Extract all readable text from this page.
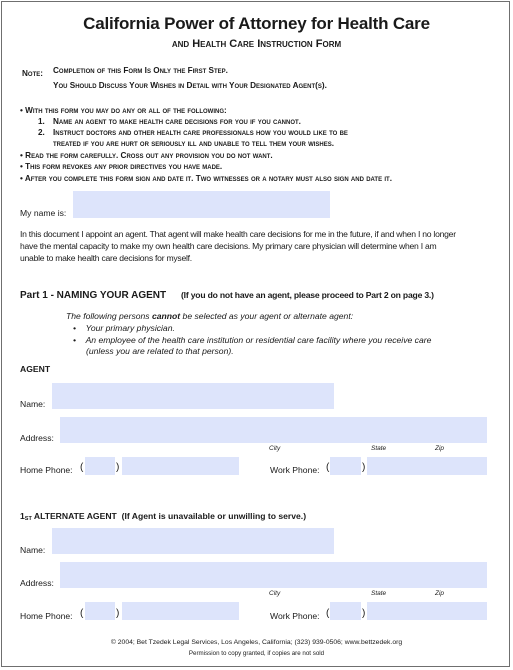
California Power of Attorney for Health Care
and Health Care Instruction Form
Note: Completion of this Form Is Only the First Step.
You Should Discuss Your Wishes in Detail with Your Designated Agent(s).
• With this form you may do any or all of the following:
1. Name an agent to make health care decisions for you if you cannot.
2. Instruct doctors and other health care professionals how you would like to be
treated if you are hurt or seriously ill and unable to tell them your wishes.
• Read the form carefully. Cross out any provision you do not want.
• This form revokes any prior directives you have made.
• After you complete this form sign and date it. Two witnesses or a notary must also sign and date it.
My name is:
In this document I appoint an agent. That agent will make health care decisions for me in the future, if and when I no longer
have the mental capacity to make my own health care decisions. My primary care physician will determine when I am
unable to make health care decisions for myself.
Part 1 - NAMING YOUR AGENT (If you do not have an agent, please proceed to Part 2 on page 3.)
The following persons cannot be selected as your agent or alternate agent:
•    Your primary physician.
•    An employee of the health care institution or residential care facility where you receive care
(unless you are related to that person).
AGENT
Name:
Address:
City	State	Zip
Home Phone: (	)	Work Phone: (	)
1ST ALTERNATE AGENT (If Agent is unavailable or unwilling to serve.)
Name:
Address:
City	State	Zip
Home Phone: (	)	Work Phone: (	)
© 2004; Bet Tzedek Legal Services, Los Angeles, California; (323) 939-0506; www.bettzedek.org
Permission to copy granted, if copies are not sold
